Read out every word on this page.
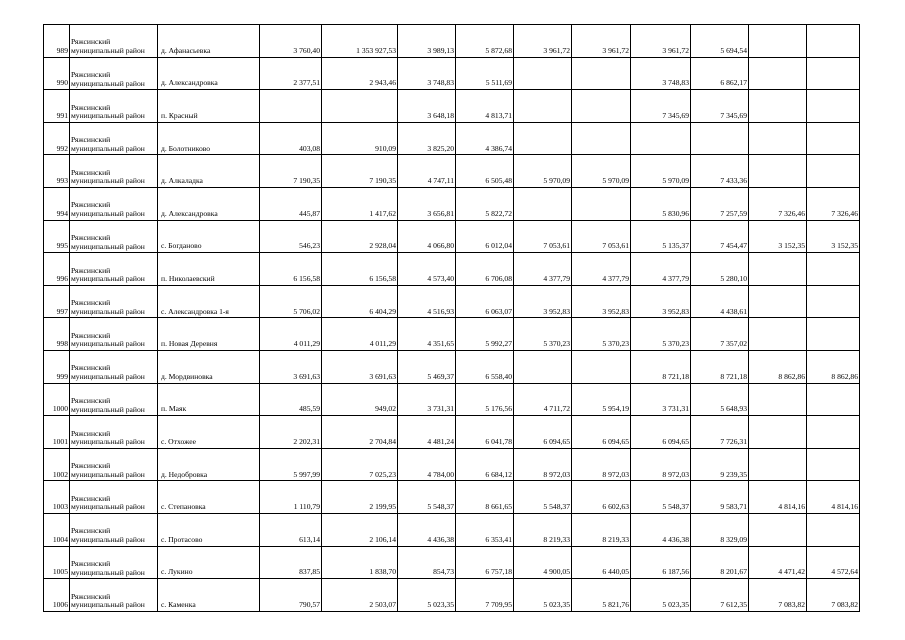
989	Ряжсинский муниципальный район	д. Афанасьевка	3 760,40	1 353 927,53	3 989,13	5 872,68	3 961,72	3 961,72	3 961,72	5 694,54		
990	Ряжсинский муниципальный район	д. Александровка	2 377,51	2 943,46	3 748,83	5 511,69			3 748,83	6 862,17		
991	Ряжсинский муниципальный район	п. Красный			3 648,18	4 813,71			7 345,69	7 345,69		
992	Ряжсинский муниципальный район	д. Болотниково	403,08	910,09	3 825,20	4 386,74						
993	Ряжсинский муниципальный район	д. Алкаладка	7 190,35	7 190,35	4 747,11	6 505,48	5 970,09	5 970,09	5 970,09	7 433,36		
994	Ряжсинский муниципальный район	д. Александровка	445,87	1 417,62	3 656,81	5 822,72			5 830,96	7 257,59	7 326,46	7 326,46
995	Ряжсинский муниципальный район	с. Богданово	546,23	2 928,04	4 066,80	6 012,04	7 053,61	7 053,61	5 135,37	7 454,47	3 152,35	3 152,35
996	Ряжсинский муниципальный район	п. Николаевский	6 156,58	6 156,58	4 573,40	6 706,08	4 377,79	4 377,79	4 377,79	5 280,10		
997	Ряжсинский муниципальный район	с. Александровка 1-я	5 706,02	6 404,29	4 516,93	6 063,07	3 952,83	3 952,83	3 952,83	4 438,61		
998	Ряжсинский муниципальный район	п. Новая Деревня	4 011,29	4 011,29	4 351,65	5 992,27	5 370,23	5 370,23	5 370,23	7 357,02		
999	Ряжсинский муниципальный район	д. Мордвиновка	3 691,63	3 691,63	5 469,37	6 558,40			8 721,18	8 721,18	8 862,86	8 862,86
1000	Ряжсинский муниципальный район	п. Маяк	485,59	949,02	3 731,31	5 176,56	4 711,72	5 954,19	3 731,31	5 648,93		
1001	Ряжсинский муниципальный район	с. Отхожее	2 202,31	2 704,84	4 481,24	6 041,78	6 094,65	6 094,65	6 094,65	7 726,31		
1002	Ряжсинский муниципальный район	д. Недобровка	5 997,99	7 025,23	4 784,00	6 684,12	8 972,03	8 972,03	8 972,03	9 239,35		
1003	Ряжсинский муниципальный район	с. Степановка	1 110,79	2 199,95	5 548,37	8 661,65	5 548,37	6 602,63	5 548,37	9 583,71	4 814,16	4 814,16
1004	Ряжсинский муниципальный район	с. Протасово	613,14	2 106,14	4 436,38	6 353,41	8 219,33	8 219,33	4 436,38	8 329,09		
1005	Ряжсинский муниципальный район	с. Лукино	837,85	1 838,70	854,73	6 757,18	4 900,05	6 440,05	6 187,56	8 201,67	4 471,42	4 572,64
1006	Ряжсинский муниципальный район	с. Каменка	790,57	2 503,07	5 023,35	7 709,95	5 023,35	5 821,76	5 023,35	7 612,35	7 083,82	7 083,82
